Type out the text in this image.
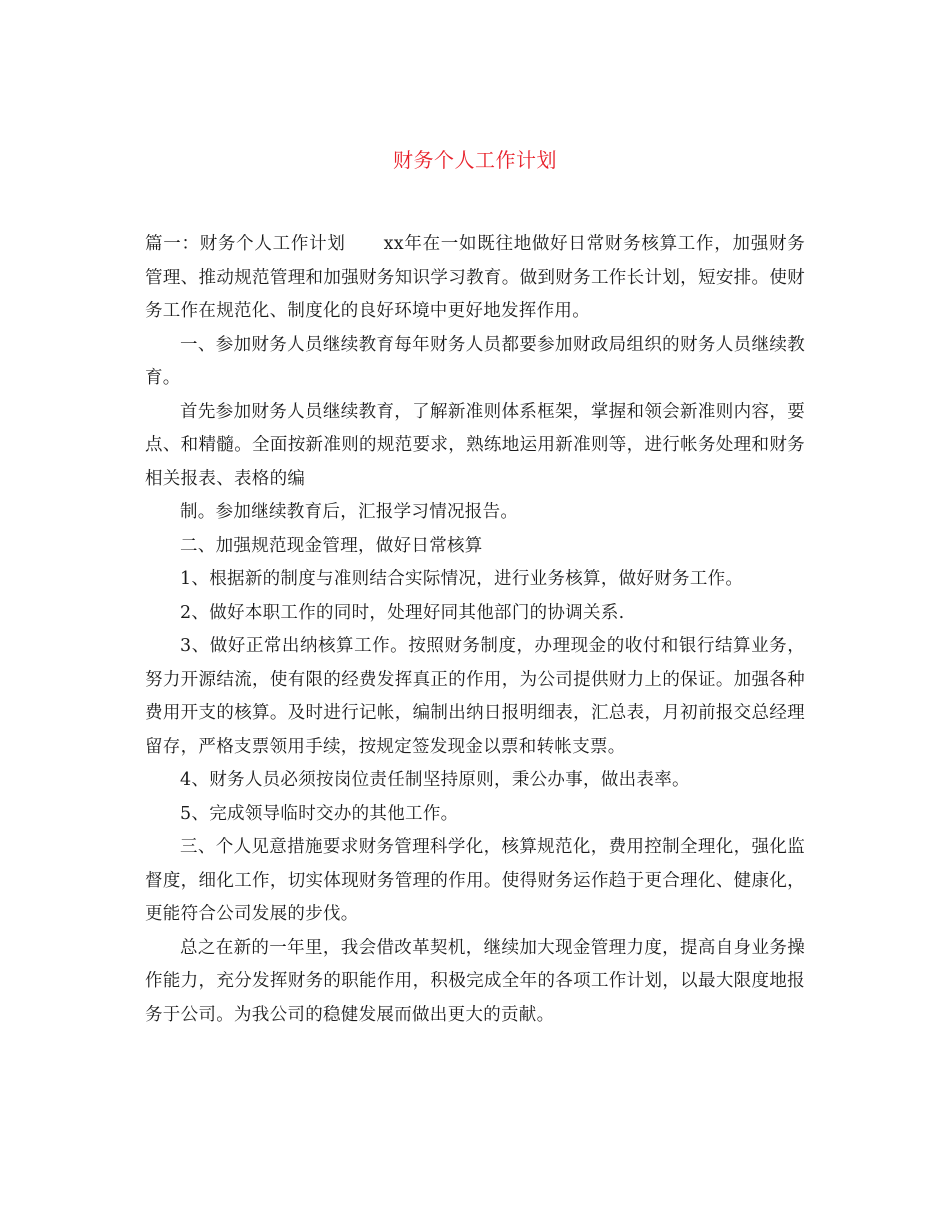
财务个人工作计划

篇一：财务个人工作计划 xx年在一如既往地做好日常财务核算工作，加强财务管理、推动规范管理和加强财务知识学习教育。做到财务工作长计划，短安排。使财务工作在规范化、制度化的良好环境中更好地发挥作用。

一、参加财务人员继续教育每年财务人员都要参加财政局组织的财务人员继续教育。

首先参加财务人员继续教育，了解新准则体系框架，掌握和领会新准则内容，要点、和精髓。全面按新准则的规范要求，熟练地运用新准则等，进行帐务处理和财务相关报表、表格的编

制。参加继续教育后，汇报学习情况报告。

二、加强规范现金管理，做好日常核算

1、根据新的制度与准则结合实际情况，进行业务核算，做好财务工作。

2、做好本职工作的同时，处理好同其他部门的协调关系.

3、做好正常出纳核算工作。按照财务制度，办理现金的收付和银行结算业务，努力开源结流，使有限的经费发挥真正的作用，为公司提供财力上的保证。加强各种费用开支的核算。及时进行记帐，编制出纳日报明细表，汇总表，月初前报交总经理留存，严格支票领用手续，按规定签发现金以票和转帐支票。

4、财务人员必须按岗位责任制坚持原则，秉公办事，做出表率。

5、完成领导临时交办的其他工作。

三、个人见意措施要求财务管理科学化，核算规范化，费用控制全理化，强化监督度，细化工作，切实体现财务管理的作用。使得财务运作趋于更合理化、健康化，更能符合公司发展的步伐。

总之在新的一年里，我会借改革契机，继续加大现金管理力度，提高自身业务操作能力，充分发挥财务的职能作用，积极完成全年的各项工作计划，以最大限度地报务于公司。为我公司的稳健发展而做出更大的贡献。
